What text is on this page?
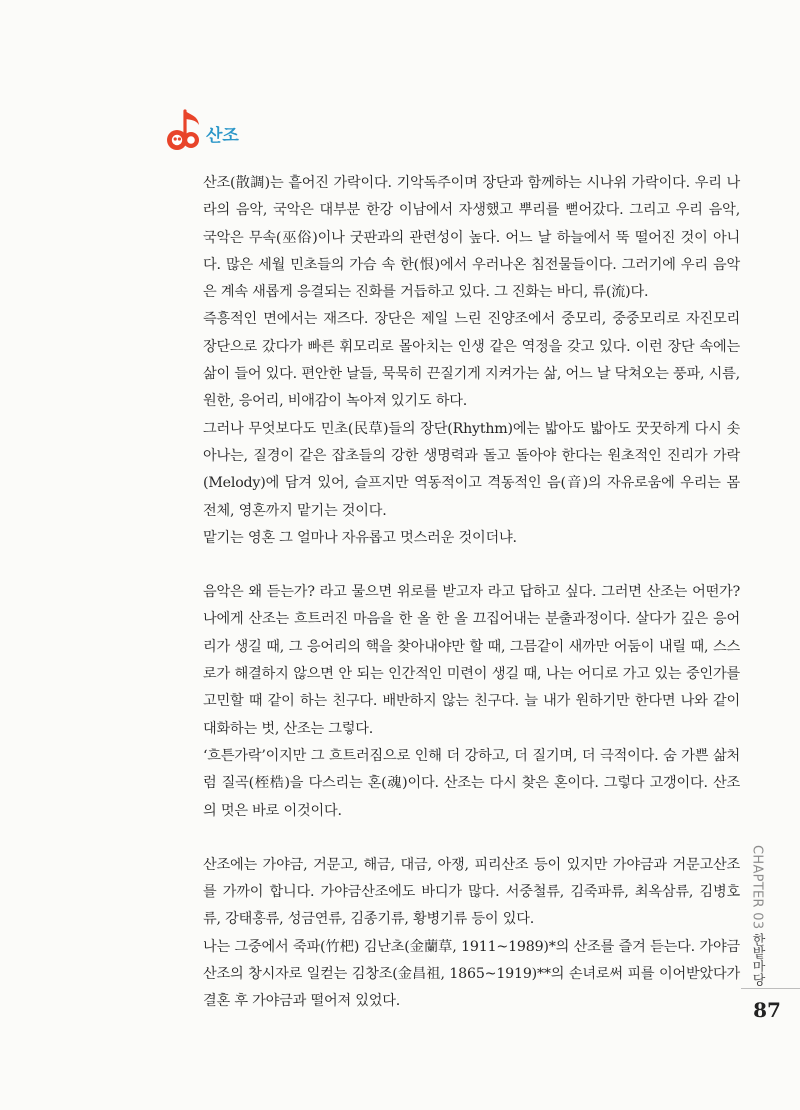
산조

산조(散調)는 흩어진 가락이다. 기악독주이며 장단과 함께하는 시나위 가락이다. 우리 나라의 음악, 국악은 대부분 한강 이남에서 자생했고 뿌리를 뻗어갔다. 그리고 우리 음악, 국악은 무속(巫俗)이나 굿판과의 관련성이 높다. 어느 날 하늘에서 뚝 떨어진 것이 아니다. 많은 세월 민초들의 가슴 속 한(恨)에서 우러나온 침전물들이다. 그러기에 우리 음악은 계속 새롭게 응결되는 진화를 거듭하고 있다. 그 진화는 바디, 류(流)다.

즉흥적인 면에서는 재즈다. 장단은 제일 느린 진양조에서 중모리, 중중모리로 자진모리 장단으로 갔다가 빠른 휘모리로 몰아치는 인생 같은 역정을 갖고 있다. 이런 장단 속에는 삶이 들어 있다. 편안한 날들, 묵묵히 끈질기게 지켜가는 삶, 어느 날 닥쳐오는 풍파, 시름, 원한, 응어리, 비애감이 녹아져 있기도 하다.

그러나 무엇보다도 민초(民草)들의 장단(Rhythm)에는 밟아도 밟아도 꿋꿋하게 다시 솟아나는, 질경이 같은 잡초들의 강한 생명력과 돌고 돌아야 한다는 원초적인 진리가 가락(Melody)에 담겨 있어, 슬프지만 역동적이고 격동적인 음(音)의 자유로움에 우리는 몸 전체, 영혼까지 맡기는 것이다.

맡기는 영혼 그 얼마나 자유롭고 멋스러운 것이더냐.

음악은 왜 듣는가? 라고 물으면 위로를 받고자 라고 답하고 싶다. 그러면 산조는 어떤가? 나에게 산조는 흐트러진 마음을 한 올 한 올 끄집어내는 분출과정이다. 살다가 깊은 응어리가 생길 때, 그 응어리의 핵을 찾아내야만 할 때, 그믐같이 새까만 어둠이 내릴 때, 스스로가 해결하지 않으면 안 되는 인간적인 미련이 생길 때, 나는 어디로 가고 있는 중인가를 고민할 때 같이 하는 친구다. 배반하지 않는 친구다. 늘 내가 원하기만 한다면 나와 같이 대화하는 벗, 산조는 그렇다.

‘흐튼가락’이지만 그 흐트러짐으로 인해 더 강하고, 더 질기며, 더 극적이다. 숨 가쁜 삶처럼 질곡(桎梏)을 다스리는 혼(魂)이다. 산조는 다시 찾은 혼이다. 그렇다 고갱이다. 산조의 멋은 바로 이것이다.

산조에는 가야금, 거문고, 해금, 대금, 아쟁, 피리산조 등이 있지만 가야금과 거문고산조를 가까이 합니다. 가야금산조에도 바디가 많다. 서중철류, 김죽파류, 최옥삼류, 김병호류, 강태홍류, 성금연류, 김종기류, 황병기류 등이 있다.

나는 그중에서 죽파(竹杷) 김난초(金蘭草, 1911~1989)*의 산조를 즐겨 듣는다. 가야금 산조의 창시자로 일컫는 김창조(金昌祖, 1865~1919)**의 손녀로써 피를 이어받았다가 결혼 후 가야금과 떨어져 있었다.

CHAPTER 03
한밭마당
87
